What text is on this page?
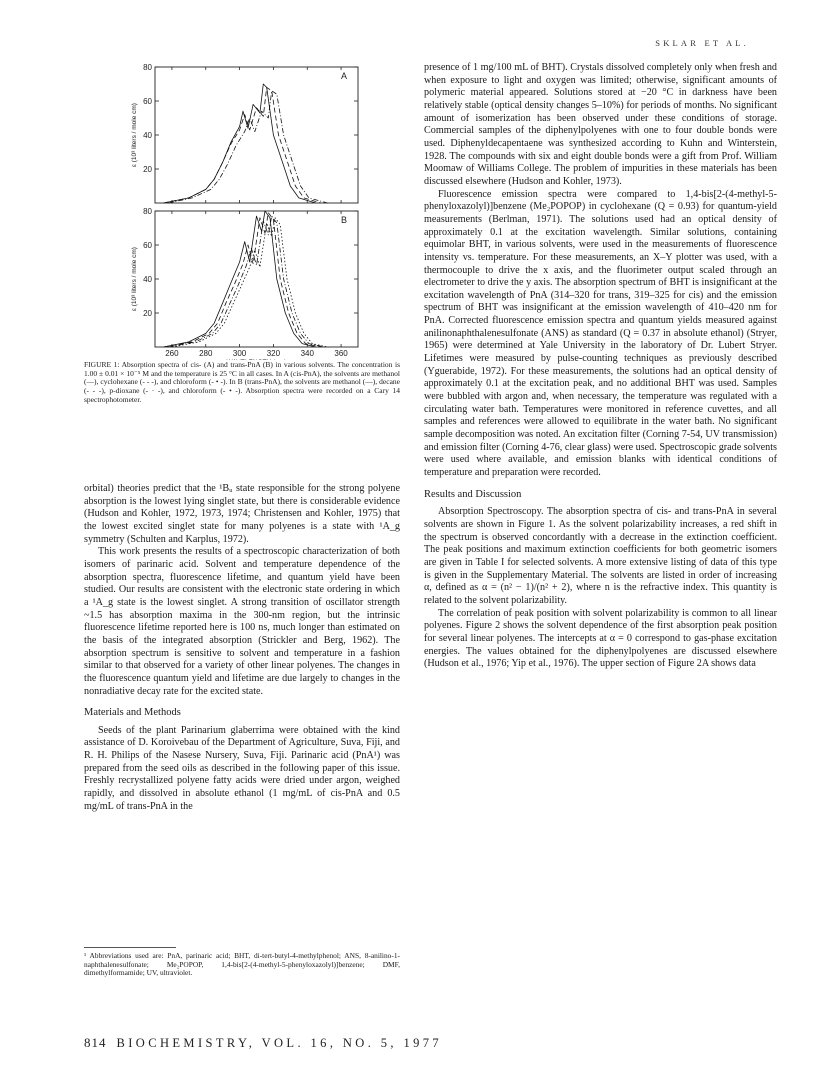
SKLAR ET AL.
20
40
60
80
A
ε (10³ liters / mole cm)
20
40
60
80
B
ε (10³ liters / mole cm)
260	280	300	320	340	360
FIGURE 1: Absorption spectra of cis- (A) and trans-PnA (B) in various solvents. The concentration is 1.00 ± 0.01 × 10⁻⁵ M and the temperature is 25 °C in all cases. In A (cis-PnA), the solvents are methanol (—), cyclohexane (- - -), and chloroform (- • -). In B (trans-PnA), the solvents are methanol (—), decane (- - -), p-dioxane (- · -), and chloroform (- • -). Absorption spectra were recorded on a Cary 14 spectrophotometer.

orbital) theories predict that the ¹Bᵤ state responsible for the strong polyene absorption is the lowest lying singlet state, but there is considerable evidence (Hudson and Kohler, 1972, 1973, 1974; Christensen and Kohler, 1975) that the lowest excited singlet state for many polyenes is a state with ¹A_g symmetry (Schulten and Karplus, 1972).

This work presents the results of a spectroscopic characterization of both isomers of parinaric acid. Solvent and temperature dependence of the absorption spectra, fluorescence lifetime, and quantum yield have been studied. Our results are consistent with the electronic state ordering in which a ¹A_g state is the lowest singlet. A strong transition of oscillator strength ~1.5 has absorption maxima in the 300-nm region, but the intrinsic fluorescence lifetime reported here is 100 ns, much longer than estimated on the basis of the integrated absorption (Strickler and Berg, 1962). The absorption spectrum is sensitive to solvent and temperature in a fashion similar to that observed for a variety of other linear polyenes. The changes in the fluorescence quantum yield and lifetime are due largely to changes in the nonradiative decay rate for the excited state.

Materials and Methods

Seeds of the plant Parinarium glaberrima were obtained with the kind assistance of D. Koroivebau of the Department of Agriculture, Suva, Fiji, and R. H. Philips of the Nasese Nursery, Suva, Fiji. Parinaric acid (PnA¹) was prepared from the seed oils as described in the following paper of this issue. Freshly recrystallized polyene fatty acids were dried under argon, weighed rapidly, and dissolved in absolute ethanol (1 mg/mL of cis-PnA and 0.5 mg/mL of trans-PnA in the

¹ Abbreviations used are: PnA, parinaric acid; BHT, di-tert-butyl-4-methylphenol; ANS, 8-anilino-1-naphthalenesulfonate; Me₂POPOP, 1,4-bis[2-(4-methyl-5-phenyloxazolyl)]benzene; DMF, dimethylformamide; UV, ultraviolet.

presence of 1 mg/100 mL of BHT). Crystals dissolved completely only when fresh and when exposure to light and oxygen was limited; otherwise, significant amounts of polymeric material appeared. Solutions stored at −20 °C in darkness have been relatively stable (optical density changes 5–10%) for periods of months. No significant amount of isomerization has been observed under these conditions of storage. Commercial samples of the diphenylpolyenes with one to four double bonds were used. Diphenyldecapentaene was synthesized according to Kuhn and Winterstein, 1928. The compounds with six and eight double bonds were a gift from Prof. William Moomaw of Williams College. The problem of impurities in these materials has been discussed elsewhere (Hudson and Kohler, 1973).

Fluorescence emission spectra were compared to 1,4-bis[2-(4-methyl-5-phenyloxazolyl)]benzene (Me₂POPOP) in cyclohexane (Q = 0.93) for quantum-yield measurements (Berlman, 1971). The solutions used had an optical density of approximately 0.1 at the excitation wavelength. Similar solutions, containing equimolar BHT, in various solvents, were used in the measurements of fluorescence intensity vs. temperature. For these measurements, an X–Y plotter was used, with a thermocouple to drive the x axis, and the fluorimeter output scaled through an electrometer to drive the y axis. The absorption spectrum of BHT is insignificant at the excitation wavelength of PnA (314–320 for trans, 319–325 for cis) and the emission spectrum of BHT was insignificant at the emission wavelength of 410–420 nm for PnA. Corrected fluorescence emission spectra and quantum yields measured against anilinonaphthalenesulfonate (ANS) as standard (Q = 0.37 in absolute ethanol) (Stryer, 1965) were determined at Yale University in the laboratory of Dr. Lubert Stryer. Lifetimes were measured by pulse-counting techniques as previously described (Yguerabide, 1972). For these measurements, the solutions had an optical density of approximately 0.1 at the excitation peak, and no additional BHT was used. Samples were bubbled with argon and, when necessary, the temperature was regulated with a circulating water bath. Temperatures were monitored in reference cuvettes, and all samples and references were allowed to equilibrate in the water bath. No significant sample decomposition was noted. An excitation filter (Corning 7-54, UV transmission) and emission filter (Corning 4-76, clear glass) were used. Spectroscopic grade solvents were used where available, and emission blanks with identical conditions of temperature and preparation were recorded.

Results and Discussion

Absorption Spectroscopy. The absorption spectra of cis- and trans-PnA in several solvents are shown in Figure 1. As the solvent polarizability increases, a red shift in the spectrum is observed concordantly with a decrease in the extinction coefficient. The peak positions and maximum extinction coefficients for both geometric isomers are given in Table I for selected solvents. A more extensive listing of data of this type is given in the Supplementary Material. The solvents are listed in order of increasing α, defined as α = (n² − 1)/(n² + 2), where n is the refractive index. This quantity is related to the solvent polarizability.

The correlation of peak position with solvent polarizability is common to all linear polyenes. Figure 2 shows the solvent dependence of the first absorption peak position for several linear polyenes. The intercepts at α = 0 correspond to gas-phase excitation energies. The values obtained for the diphenylpolyenes are discussed elsewhere (Hudson et al., 1976; Yip et al., 1976). The upper section of Figure 2A shows data

814 BIOCHEMISTRY, VOL. 16, NO. 5, 1977
